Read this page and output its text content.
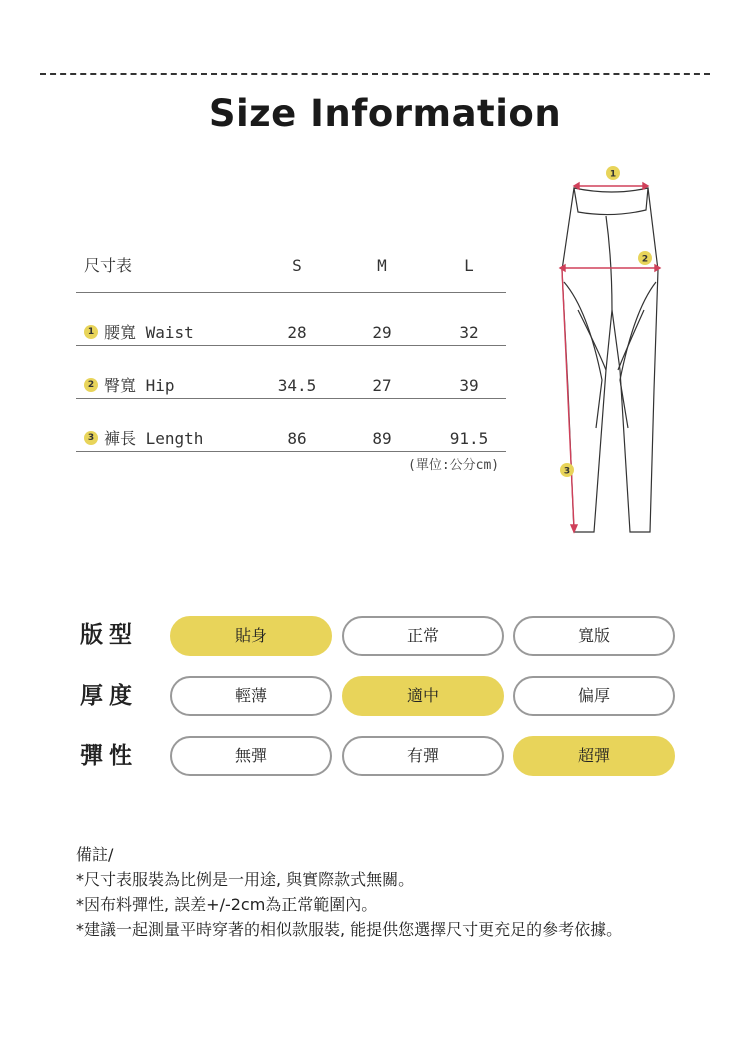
Size Information
尺寸表	S	M	L
1 腰寬 Waist	28	29	32
2 臀寬 Hip	34.5	27	39
3 褲長 Length	86	89	91.5
(單位:公分cm)
1
2
3
版型	貼身	正常	寬版
厚度	輕薄	適中	偏厚
彈性	無彈	有彈	超彈
備註/
*尺寸表服裝為比例是一用途, 與實際款式無關。
*因布料彈性, 誤差+/-2cm為正常範圍內。
*建議一起測量平時穿著的相似款服裝, 能提供您選擇尺寸更充足的參考依據。
